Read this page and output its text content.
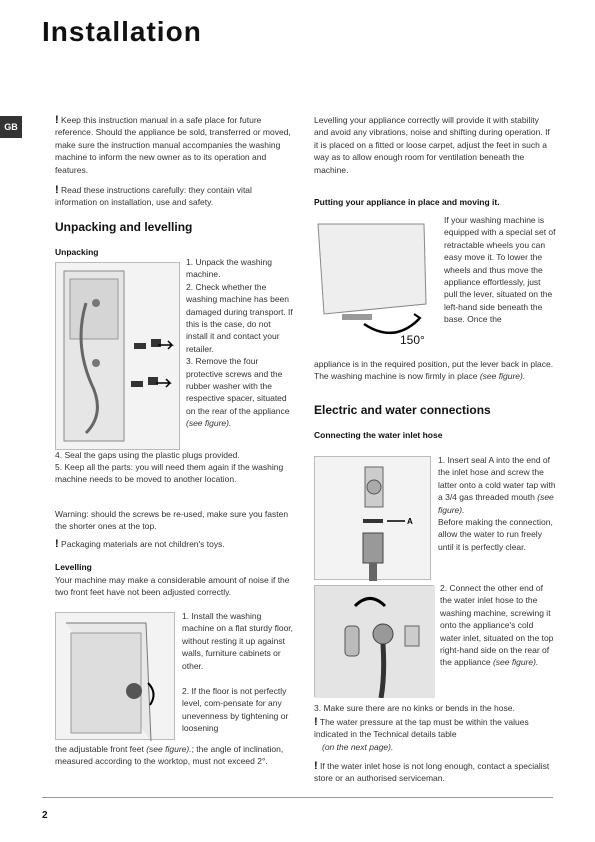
Installation
GB
! Keep this instruction manual in a safe place for future reference. Should the appliance be sold, transferred or moved, make sure the instruction manual accompanies the washing machine to inform the new owner as to its operation and features.
! Read these instructions carefully: they contain vital information on installation, use and safety.
Unpacking and levelling
Unpacking
1. Unpack the washing machine.
2. Check whether the washing machine has been damaged during transport. If this is the case, do not install it and contact your retailer.
3. Remove the four protective screws and the rubber washer with the respective spacer, situated on the rear of the appliance (see figure).
4. Seal the gaps using the plastic plugs provided.
5. Keep all the parts: you will need them again if the washing machine needs to be moved to another location.
Warning: should the screws be re-used, make sure you fasten the shorter ones at the top.
! Packaging materials are not children's toys.
Levelling
Your machine may make a considerable amount of noise if the two front feet have not been adjusted correctly.
1. Install the washing machine on a flat sturdy floor, without resting it up against walls, furniture cabinets or other.
2. If the floor is not perfectly level, com-pensate for any unevenness by tightening or loosening
the adjustable front feet (see figure).; the angle of inclination, measured according to the worktop, must not exceed 2°.
Levelling your appliance correctly will provide it with stability and avoid any vibrations, noise and shifting during operation. If it is placed on a fitted or loose carpet, adjust the feet in such a way as to allow enough room for ventilation beneath the machine.
Putting your appliance in place and moving it.
150°
If your washing machine is equipped with a special set of retractable wheels you can easy move it. To lower the wheels and thus move the appliance effortlessly, just pull the lever, situated on the left-hand side beneath the base. Once the
appliance is in the required position, put the lever back in place. The washing machine is now firmly in place (see figure).
Electric and water connections
Connecting the water inlet hose
A
1. Insert seal A into the end of the inlet hose and screw the latter onto a cold water tap with a 3/4 gas threaded mouth (see figure).
Before making the connection, allow the water to run freely until it is perfectly clear.
2. Connect the other end of the water inlet hose to the washing machine, screwing it onto the appliance's cold water inlet, situated on the top right-hand side on the rear of the appliance (see figure).
3. Make sure there are no kinks or bends in the hose.
! The water pressure at the tap must be within the values indicated in the Technical details table
(on the next page).
! If the water inlet hose is not long enough, contact a specialist store or an authorised serviceman.
2
